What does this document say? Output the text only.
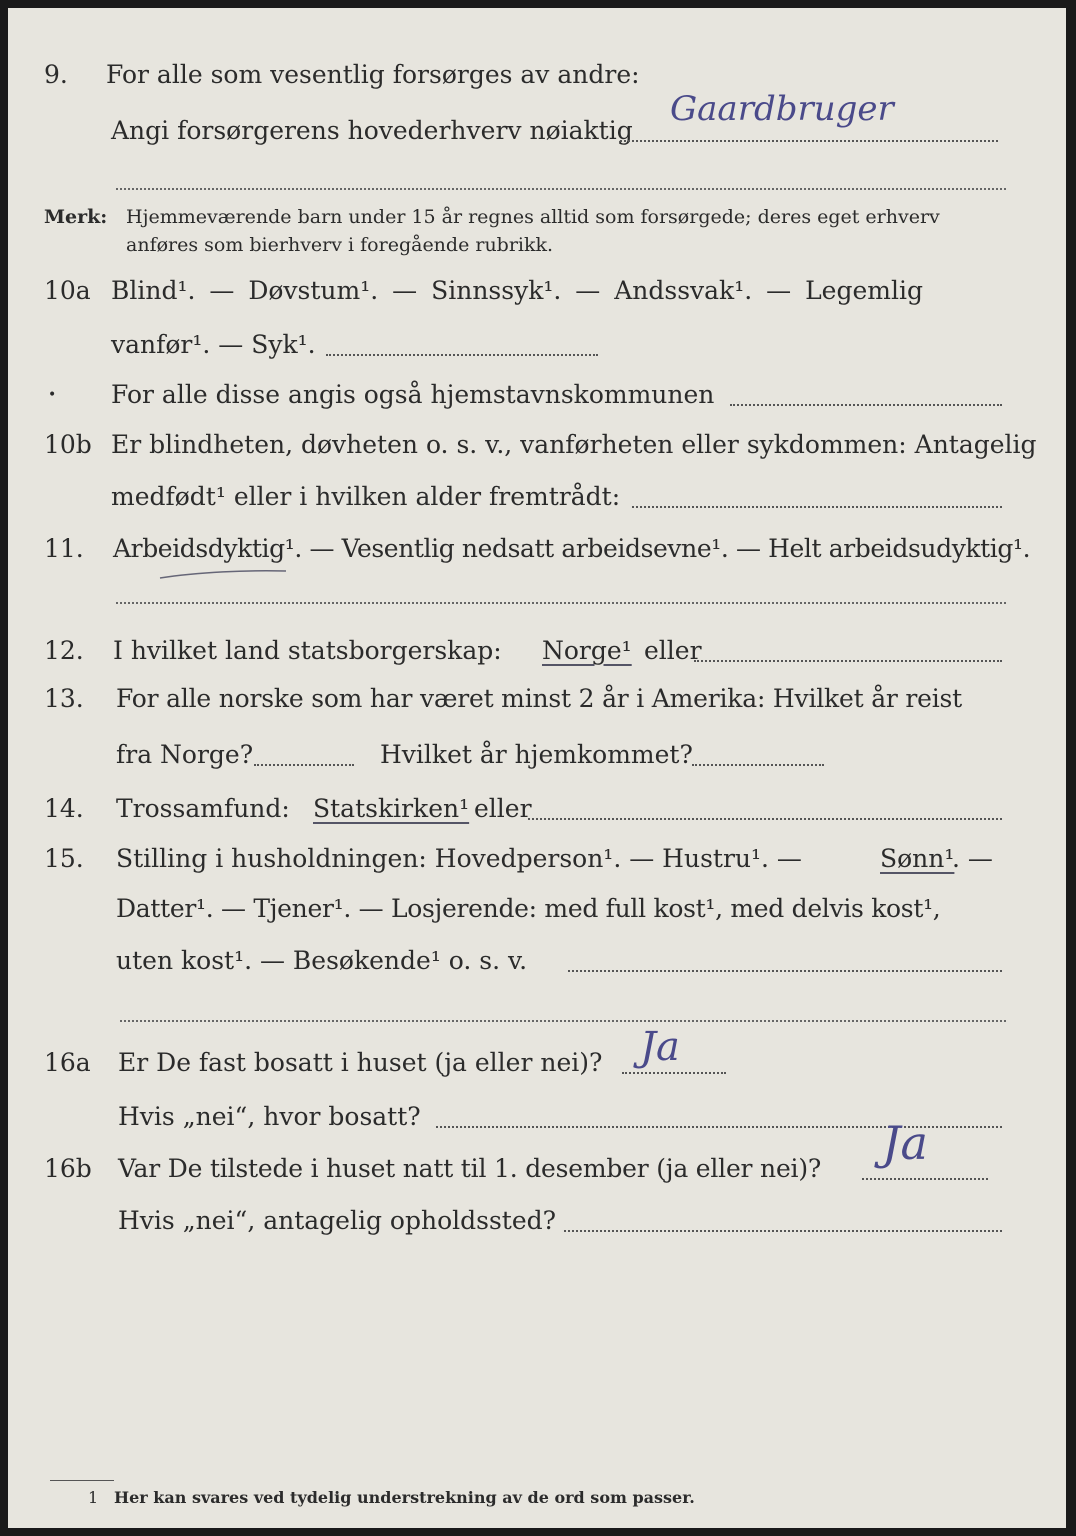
9. For alle som vesentlig forsørges av andre:
Angi forsørgerens hovederhverv nøiaktig
Gaardbruger
Merk: Hjemmeværende barn under 15 år regnes alltid som forsørgede; deres eget erhverv
anføres som bierhverv i foregående rubrikk.
10a Blind¹. — Døvstum¹. — Sinnssyk¹. — Andssvak¹. — Legemlig
vanfør¹. — Syk¹.
• For alle disse angis også hjemstavnskommunen
10b Er blindheten, døvheten o. s. v., vanførheten eller sykdommen: Antagelig
medfødt¹ eller i hvilken alder fremtrådt:
11. Arbeidsdyktig¹. — Vesentlig nedsatt arbeidsevne¹. — Helt arbeidsudyktig¹.
12. I hvilket land statsborgerskap: Norge¹ eller
13. For alle norske som har været minst 2 år i Amerika: Hvilket år reist
fra Norge?	Hvilket år hjemkommet?
14. Trossamfund: Statskirken¹ eller
15. Stilling i husholdningen: Hovedperson¹. — Hustru¹. —	Sønn¹
. —
Datter¹. — Tjener¹. — Losjerende: med full kost¹, med delvis kost¹,
uten kost¹. — Besøkende¹ o. s. v.
16a Er De fast bosatt i huset (ja eller nei)? Ja
Hvis „nei“, hvor bosatt?
16b Var De tilstede i huset natt til 1. desember (ja eller nei)? Ja
Hvis „nei“, antagelig opholdssted?
1 Her kan svares ved tydelig understrekning av de ord som passer.
